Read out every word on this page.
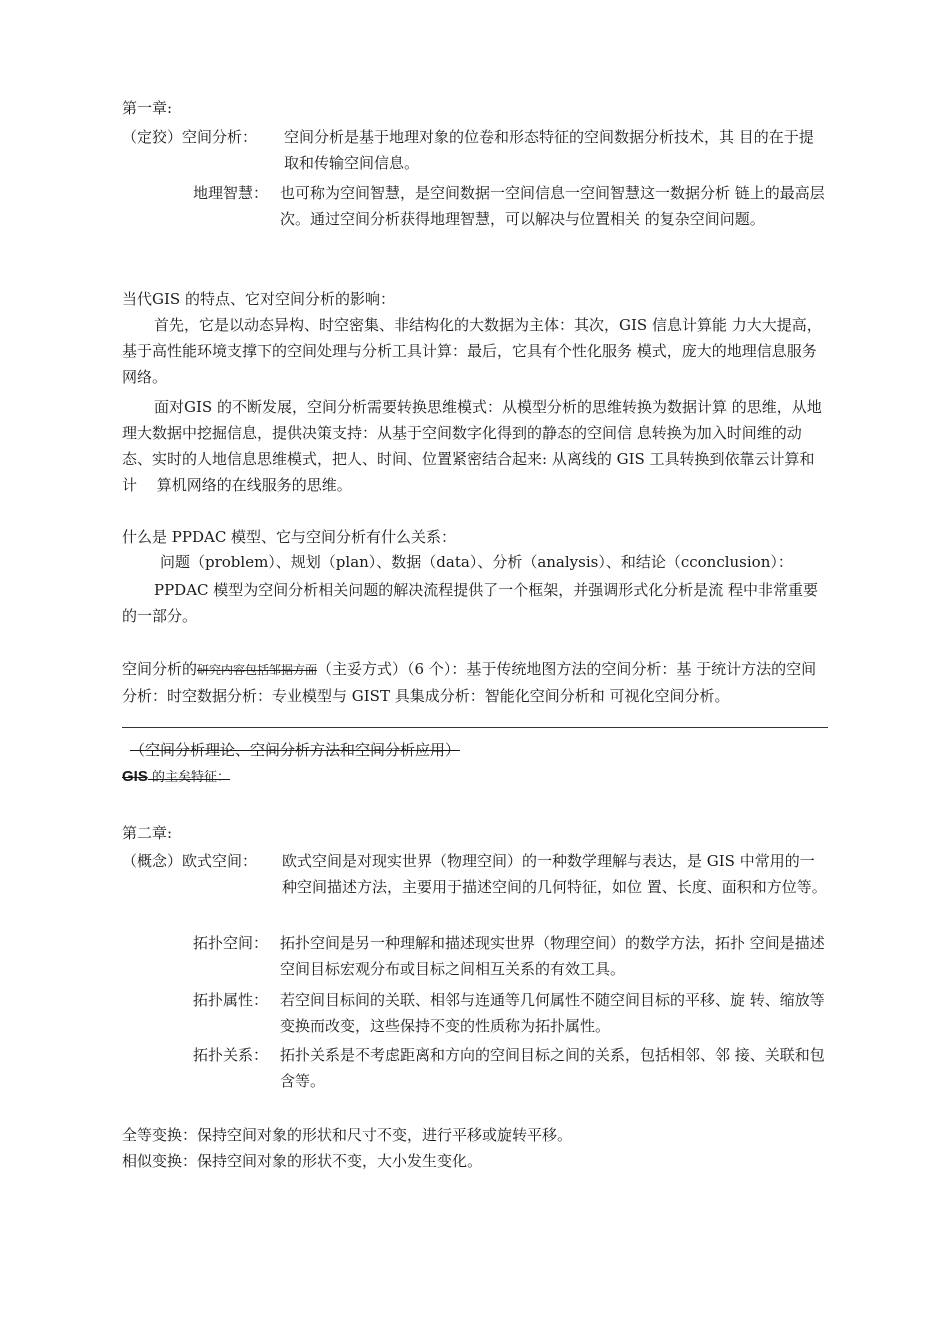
第一章:
（定狡）空间分析： 空间分析是基于地理对象的位卷和形态特征的空间数据分析技术，其 目的在于提取和传输空间信息。
地理智慧： 也可称为空间智慧，是空间数据一空间信息一空间智慧这一数据分析 链上的最高层次。通过空间分析获得地理智慧，可以解决与位置相关 的复杂空间问题。
当代GIS 的特点、它对空间分析的影响：

首先，它是以动态异构、时空密集、非结构化的大数据为主体：其次，GIS 信息计算能 力大大提高，基于高性能环境支撑下的空间处理与分析工具计算：最后，它具有个性化服务 模式，庞大的地理信息服务网络。

面对GIS 的不断发展，空间分析需要转换思维模式：从模型分析的思维转换为数据计算 的思维，从地理大数据中挖掘信息，提供决策支持：从基于空间数字化得到的静态的空间信 息转换为加入时间维的动态、实时的人地信息思维模式，把人、时间、位置紧密结合起来: 从离线的 GIS 工具转换到依靠云计算和计　 算机网络的在线服务的思维。

什么是 PPDAC 模型、它与空间分析有什么关系：
问题（problem）、规划（plan）、数据（data）、分析（analysis）、和结论（cconclusion）：

PPDAC 模型为空间分析相关问题的解决流程提供了一个框架，并强调形式化分析是流 程中非常重要的一部分。

空间分析的研究内容包括邹据方面（主妥方式）（6 个）：基于传统地图方法的空间分析：基 于统计方法的空间分析：时空数据分析：专业模型与 GIST 具集成分析：智能化空间分析和 可视化空间分析。
（空间分析理论、空间分析方法和空间分析应用）
GIS 的主矣特征：
第二章:
（概念）欧式空间： 欧式空间是对现实世界（物理空间）的一种数学理解与表达，是 GIS 中常用的一种空间描述方法，主要用于描述空间的几何特征，如位 置、长度、面积和方位等。
拓扑空间： 拓扑空间是另一种理解和描述现实世界（物理空间）的数学方法，拓扑 空间是描述空间目标宏观分布或目标之间相互关系的有效工具。
拓扑属性： 若空间目标间的关联、相邻与连通等几何属性不随空间目标的平移、旋 转、缩放等变换而改变，这些保持不变的性质称为拓扑属性。
拓扑关系： 拓扑关系是不考虑距离和方向的空间目标之间的关系，包括相邻、邻 接、关联和包含等。
全等变换：保持空间对象的形状和尺寸不变，进行平移或旋转平移。
相似变换：保持空间对象的形状不变，大小发生变化。
